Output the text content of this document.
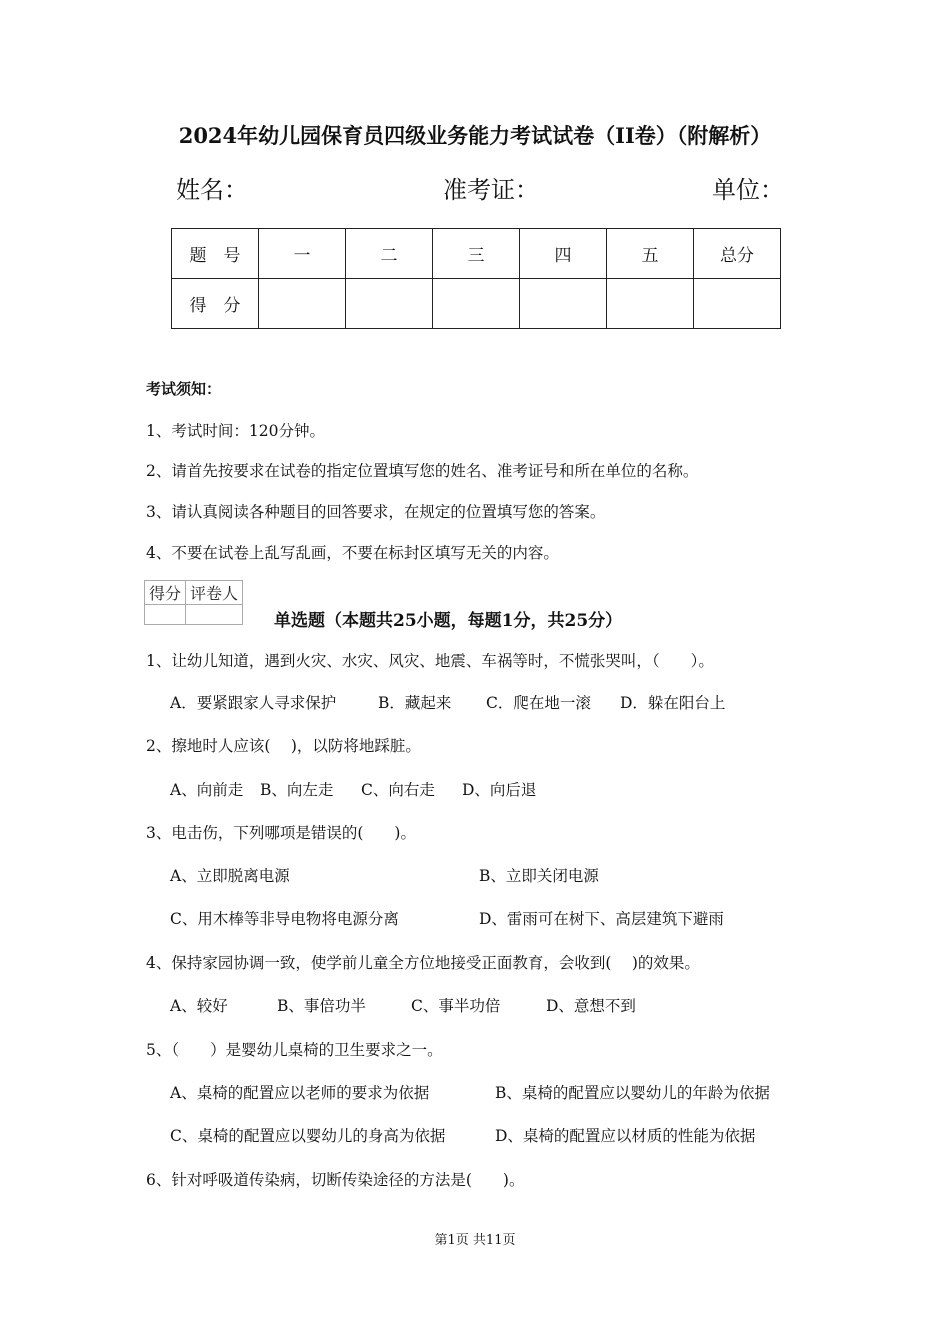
2024年幼儿园保育员四级业务能力考试试卷（II卷）（附解析）
姓名：	准考证：	单位：
题　号	一	二	三	四	五	总分
得　分						
考试须知：
1、考试时间：120分钟。
2、请首先按要求在试卷的指定位置填写您的姓名、准考证号和所在单位的名称。
3、请认真阅读各种题目的回答要求，在规定的位置填写您的答案。
4、不要在试卷上乱写乱画，不要在标封区填写无关的内容。
得分	评卷人

单选题（本题共25小题，每题1分，共25分）
1、让幼儿知道，遇到火灾、水灾、风灾、地震、车祸等时，不慌张哭叫，（　　）。
A．要紧跟家人寻求保护	B．藏起来 C．爬在地一滚 D．躲在阳台上
2、擦地时人应该(　 )，以防将地踩脏。
A、向前走 B、向左走 C、向右走 D、向后退
3、电击伤，下列哪项是错误的(　　)。
A、立即脱离电源	B、立即关闭电源
C、用木棒等非导电物将电源分离	D、雷雨可在树下、高层建筑下避雨
4、保持家园协调一致，使学前儿童全方位地接受正面教育，会收到(　 )的效果。
A、较好	B、事倍功半	C、事半功倍	D、意想不到
5、（　　）是婴幼儿桌椅的卫生要求之一。
A、桌椅的配置应以老师的要求为依据	B、桌椅的配置应以婴幼儿的年龄为依据
C、桌椅的配置应以婴幼儿的身高为依据	D、桌椅的配置应以材质的性能为依据
6、针对呼吸道传染病，切断传染途径的方法是(　　)。
第1页 共11页
